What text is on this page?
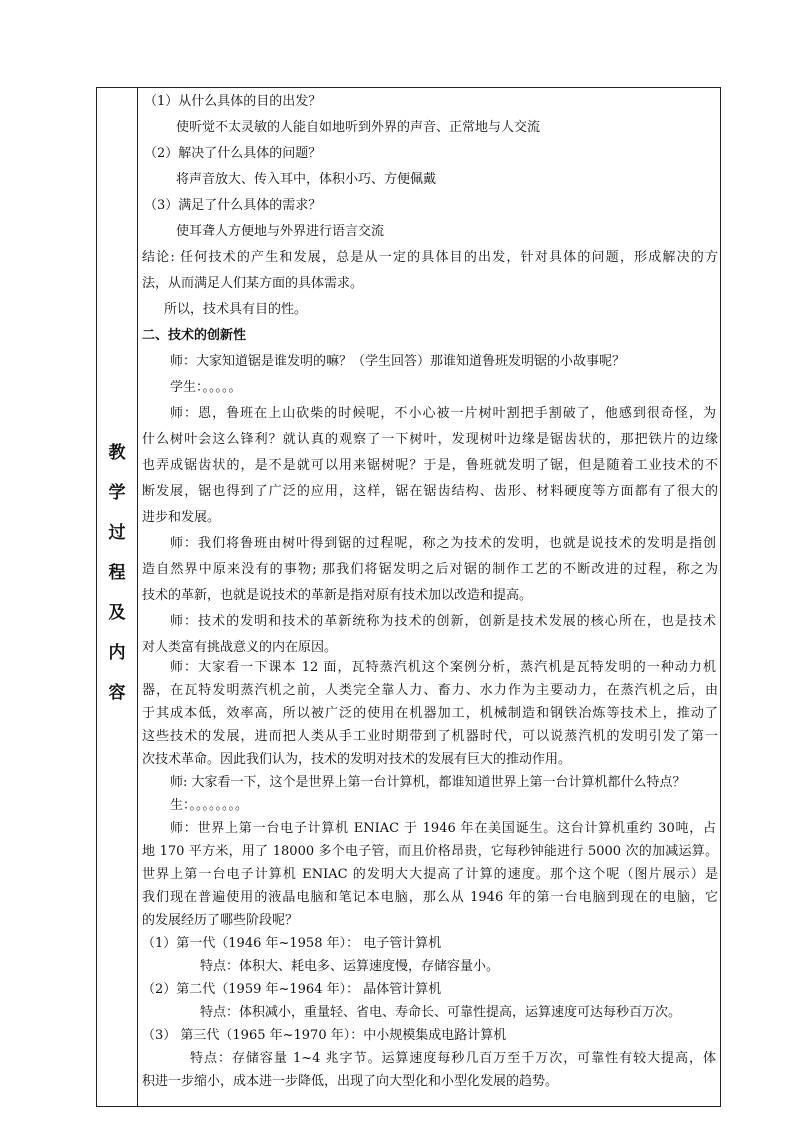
教
学
过
程
及
内
容
（1）从什么具体的目的出发？
使听觉不太灵敏的人能自如地听到外界的声音、正常地与人交流
（2）解决了什么具体的问题？
将声音放大、传入耳中，体积小巧、方便佩戴
（3）满足了什么具体的需求？
使耳聋人方便地与外界进行语言交流
结论: 任何技术的产生和发展，总是从一定的具体目的出发，针对具体的问题，形成解决的方
法，从而满足人们某方面的具体需求。
所以，技术具有目的性。
二、技术的创新性
师：大家知道锯是谁发明的嘛？（学生回答）那谁知道鲁班发明锯的小故事呢？
学生：。。。。。
师：恩，鲁班在上山砍柴的时候呢，不小心被一片树叶割把手割破了，他感到很奇怪，为
什么树叶会这么锋利？就认真的观察了一下树叶，发现树叶边缘是锯齿状的，那把铁片的边缘
也弄成锯齿状的，是不是就可以用来锯树呢？于是，鲁班就发明了锯，但是随着工业技术的不
断发展，锯也得到了广泛的应用，这样，锯在锯齿结构、齿形、材料硬度等方面都有了很大的
进步和发展。
师：我们将鲁班由树叶得到锯的过程呢，称之为技术的发明，也就是说技术的发明是指创
造自然界中原来没有的事物; 那我们将锯发明之后对锯的制作工艺的不断改进的过程，称之为
技术的革新，也就是说技术的革新是指对原有技术加以改造和提高。
师：技术的发明和技术的革新统称为技术的创新，创新是技术发展的核心所在，也是技术
对人类富有挑战意义的内在原因。
师：大家看一下课本 12 面，瓦特蒸汽机这个案例分析，蒸汽机是瓦特发明的一种动力机
器，在瓦特发明蒸汽机之前，人类完全靠人力、畜力、水力作为主要动力，在蒸汽机之后，由
于其成本低，效率高，所以被广泛的使用在机器加工，机械制造和钢铁冶炼等技术上，推动了
这些技术的发展，进而把人类从手工业时期带到了机器时代，可以说蒸汽机的发明引发了第一
次技术革命。因此我们认为，技术的发明对技术的发展有巨大的推动作用。
师: 大家看一下，这个是世界上第一台计算机，都谁知道世界上第一台计算机都什么特点？
生：。。。。。。。。
师：世界上第一台电子计算机 ENIAC 于 1946 年在美国诞生。这台计算机重约 30吨，占
地 170 平方米，用了 18000 多个电子管，而且价格昂贵，它每秒钟能进行 5000 次的加减运算。
世界上第一台电子计算机 ENIAC 的发明大大提高了计算的速度。那个这个呢（图片展示）是
我们现在普遍使用的液晶电脑和笔记本电脑，那么从 1946 年的第一台电脑到现在的电脑，它
的发展经历了哪些阶段呢？
（1）第一代（1946 年~1958 年）： 电子管计算机
特点：体积大、耗电多、运算速度慢，存储容量小。
（2）第二代（1959 年~1964 年）： 晶体管计算机
特点：体积减小，重量轻、省电、寿命长、可靠性提高，运算速度可达每秒百万次。
（3） 第三代（1965 年~1970 年）：中小规模集成电路计算机
特点：存储容量 1~4 兆字节。运算速度每秒几百万至千万次，可靠性有较大提高，体
积进一步缩小，成本进一步降低，出现了向大型化和小型化发展的趋势。
